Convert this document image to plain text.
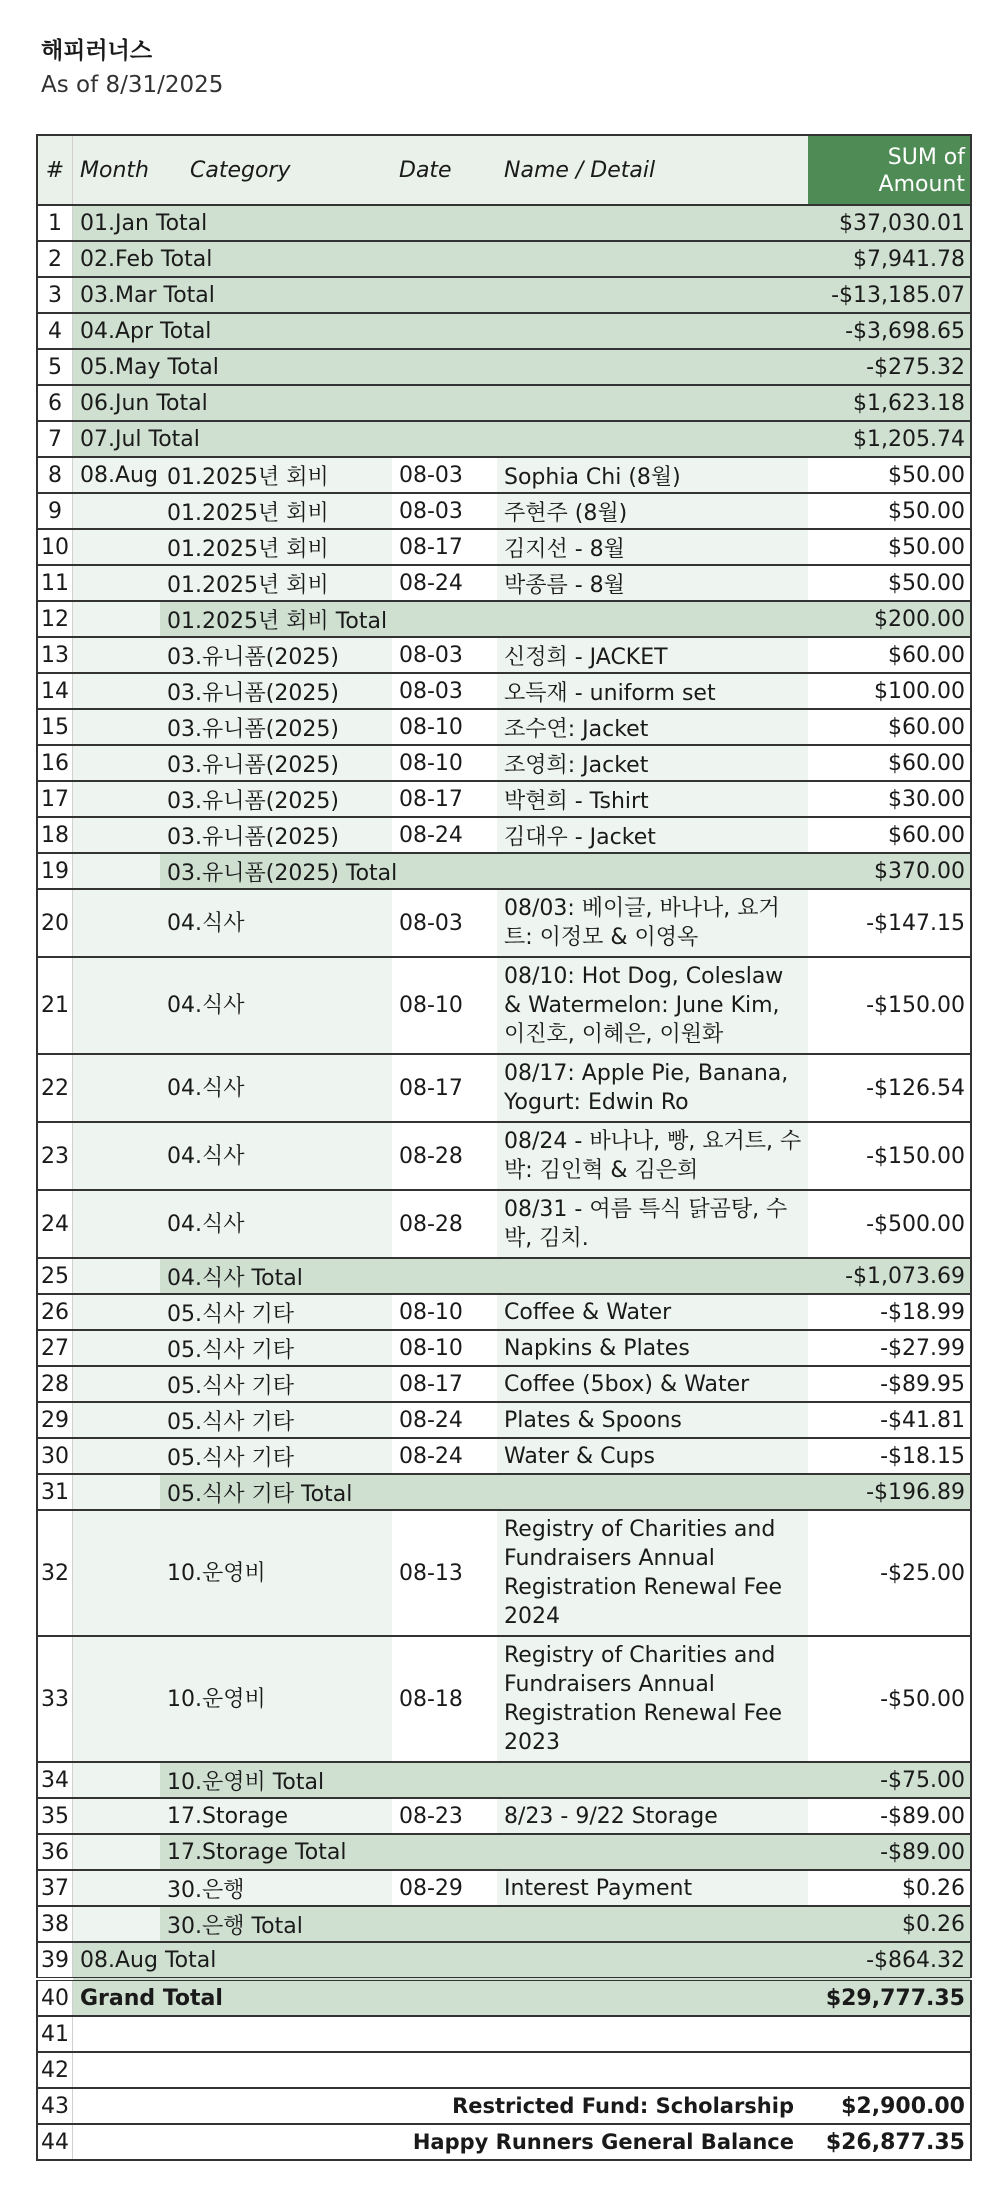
해피러너스
As of 8/31/2025
#	Month	Category	Date	Name / Detail	SUM of Amount
1	01.Jan Total				$37,030.01
2	02.Feb Total				$7,941.78
3	03.Mar Total				-$13,185.07
4	04.Apr Total				-$3,698.65
5	05.May Total				-$275.32
6	06.Jun Total				$1,623.18
7	07.Jul Total				$1,205.74
8	08.Aug	01.2025년 회비	08-03	Sophia Chi (8월)	$50.00
9		01.2025년 회비	08-03	주현주 (8월)	$50.00
10		01.2025년 회비	08-17	김지선 - 8월	$50.00
11		01.2025년 회비	08-24	박종름 - 8월	$50.00
12		01.2025년 회비 Total			$200.00
13		03.유니폼(2025)	08-03	신정희 - JACKET	$60.00
14		03.유니폼(2025)	08-03	오득재 - uniform set	$100.00
15		03.유니폼(2025)	08-10	조수연: Jacket	$60.00
16		03.유니폼(2025)	08-10	조영희: Jacket	$60.00
17		03.유니폼(2025)	08-17	박현희 - Tshirt	$30.00
18		03.유니폼(2025)	08-24	김대우 - Jacket	$60.00
19		03.유니폼(2025) Total			$370.00
20		04.식사	08-03	08/03: 베이글, 바나나, 요거트: 이정모 & 이영옥	-$147.15
21		04.식사	08-10	08/10: Hot Dog, Coleslaw & Watermelon: June Kim, 이진호, 이혜은, 이원화	-$150.00
22		04.식사	08-17	08/17: Apple Pie, Banana, Yogurt: Edwin Ro	-$126.54
23		04.식사	08-28	08/24 - 바나나, 빵, 요거트, 수박: 김인혁 & 김은희	-$150.00
24		04.식사	08-28	08/31 - 여름 특식 닭곰탕, 수박, 김치.	-$500.00
25		04.식사 Total			-$1,073.69
26		05.식사 기타	08-10	Coffee & Water	-$18.99
27		05.식사 기타	08-10	Napkins & Plates	-$27.99
28		05.식사 기타	08-17	Coffee (5box) & Water	-$89.95
29		05.식사 기타	08-24	Plates & Spoons	-$41.81
30		05.식사 기타	08-24	Water & Cups	-$18.15
31		05.식사 기타 Total			-$196.89
32		10.운영비	08-13	Registry of Charities and Fundraisers Annual Registration Renewal Fee 2024	-$25.00
33		10.운영비	08-18	Registry of Charities and Fundraisers Annual Registration Renewal Fee 2023	-$50.00
34		10.운영비 Total			-$75.00
35		17.Storage	08-23	8/23 - 9/22 Storage	-$89.00
36		17.Storage Total			-$89.00
37		30.은행	08-29	Interest Payment	$0.26
38		30.은행 Total			$0.26
39	08.Aug Total				-$864.32
40	Grand Total				$29,777.35
41					
42					
43	Restricted Fund: Scholarship				$2,900.00
44	Happy Runners General Balance				$26,877.35
